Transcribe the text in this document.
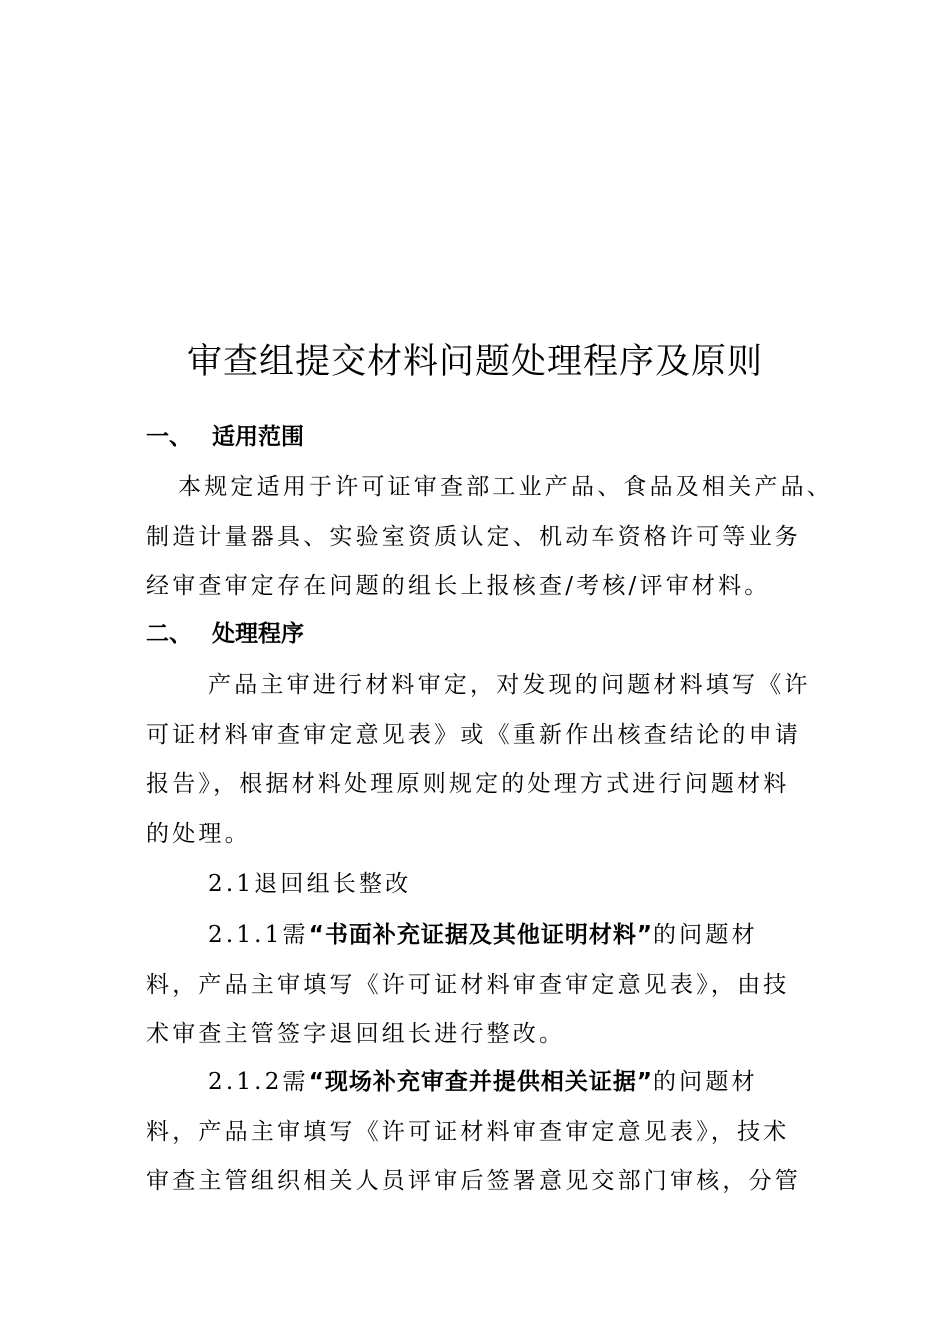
审查组提交材料问题处理程序及原则
一、 适用范围
本规定适用于许可证审查部工业产品、食品及相关产品、
制造计量器具、实验室资质认定、机动车资格许可等业务
经审查审定存在问题的组长上报核查/考核/评审材料。
二、 处理程序
产品主审进行材料审定，对发现的问题材料填写《许
可证材料审查审定意见表》或《重新作出核查结论的申请
报告》，根据材料处理原则规定的处理方式进行问题材料
的处理。
2.1退回组长整改
2.1.1需“书面补充证据及其他证明材料”的问题材
料，产品主审填写《许可证材料审查审定意见表》，由技
术审查主管签字退回组长进行整改。
2.1.2需“现场补充审查并提供相关证据”的问题材
料，产品主审填写《许可证材料审查审定意见表》，技术
审查主管组织相关人员评审后签署意见交部门审核，分管
